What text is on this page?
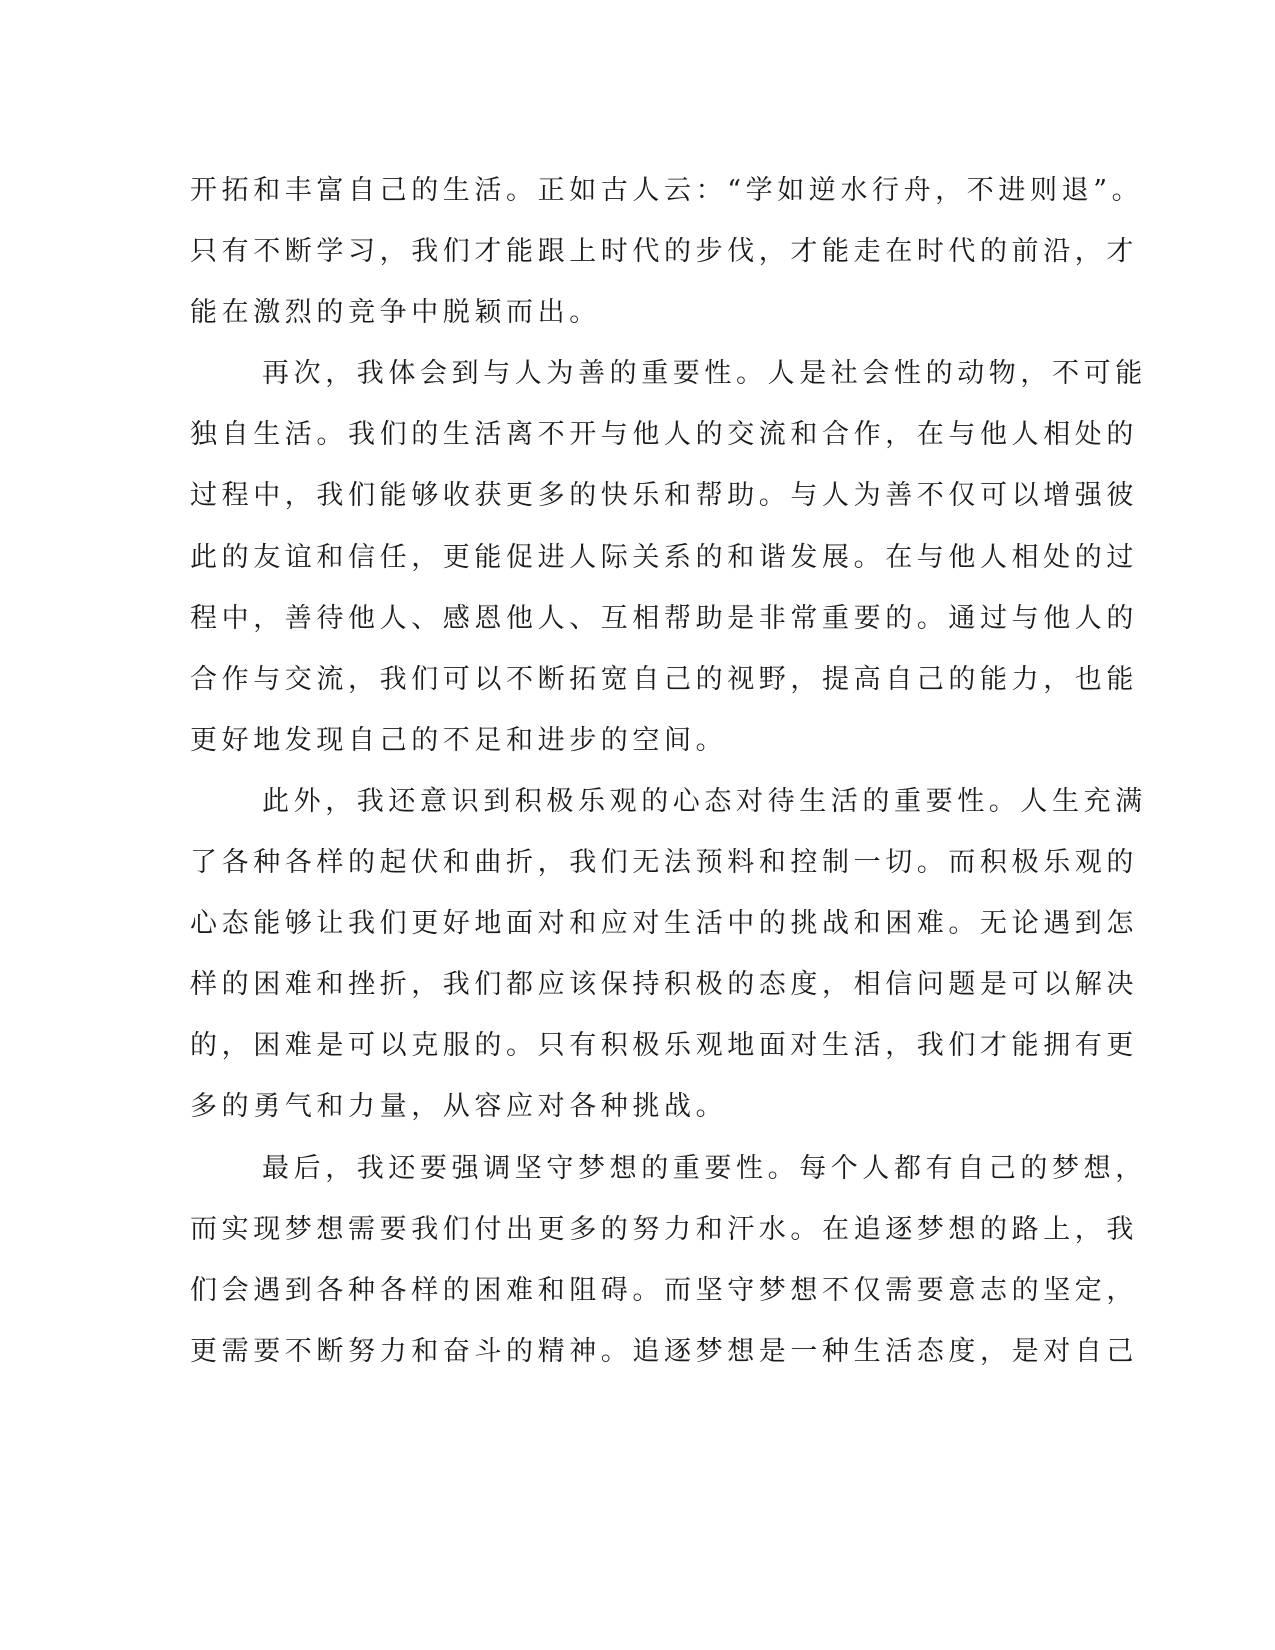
开拓和丰富自己的生活。正如古人云：“学如逆水行舟，不进则退”。
只有不断学习，我们才能跟上时代的步伐，才能走在时代的前沿，才
能在激烈的竞争中脱颖而出。
再次，我体会到与人为善的重要性。人是社会性的动物，不可能
独自生活。我们的生活离不开与他人的交流和合作，在与他人相处的
过程中，我们能够收获更多的快乐和帮助。与人为善不仅可以增强彼
此的友谊和信任，更能促进人际关系的和谐发展。在与他人相处的过
程中，善待他人、感恩他人、互相帮助是非常重要的。通过与他人的
合作与交流，我们可以不断拓宽自己的视野，提高自己的能力，也能
更好地发现自己的不足和进步的空间。
此外，我还意识到积极乐观的心态对待生活的重要性。人生充满
了各种各样的起伏和曲折，我们无法预料和控制一切。而积极乐观的
心态能够让我们更好地面对和应对生活中的挑战和困难。无论遇到怎
样的困难和挫折，我们都应该保持积极的态度，相信问题是可以解决
的，困难是可以克服的。只有积极乐观地面对生活，我们才能拥有更
多的勇气和力量，从容应对各种挑战。
最后，我还要强调坚守梦想的重要性。每个人都有自己的梦想，
而实现梦想需要我们付出更多的努力和汗水。在追逐梦想的路上，我
们会遇到各种各样的困难和阻碍。而坚守梦想不仅需要意志的坚定，
更需要不断努力和奋斗的精神。追逐梦想是一种生活态度，是对自己
